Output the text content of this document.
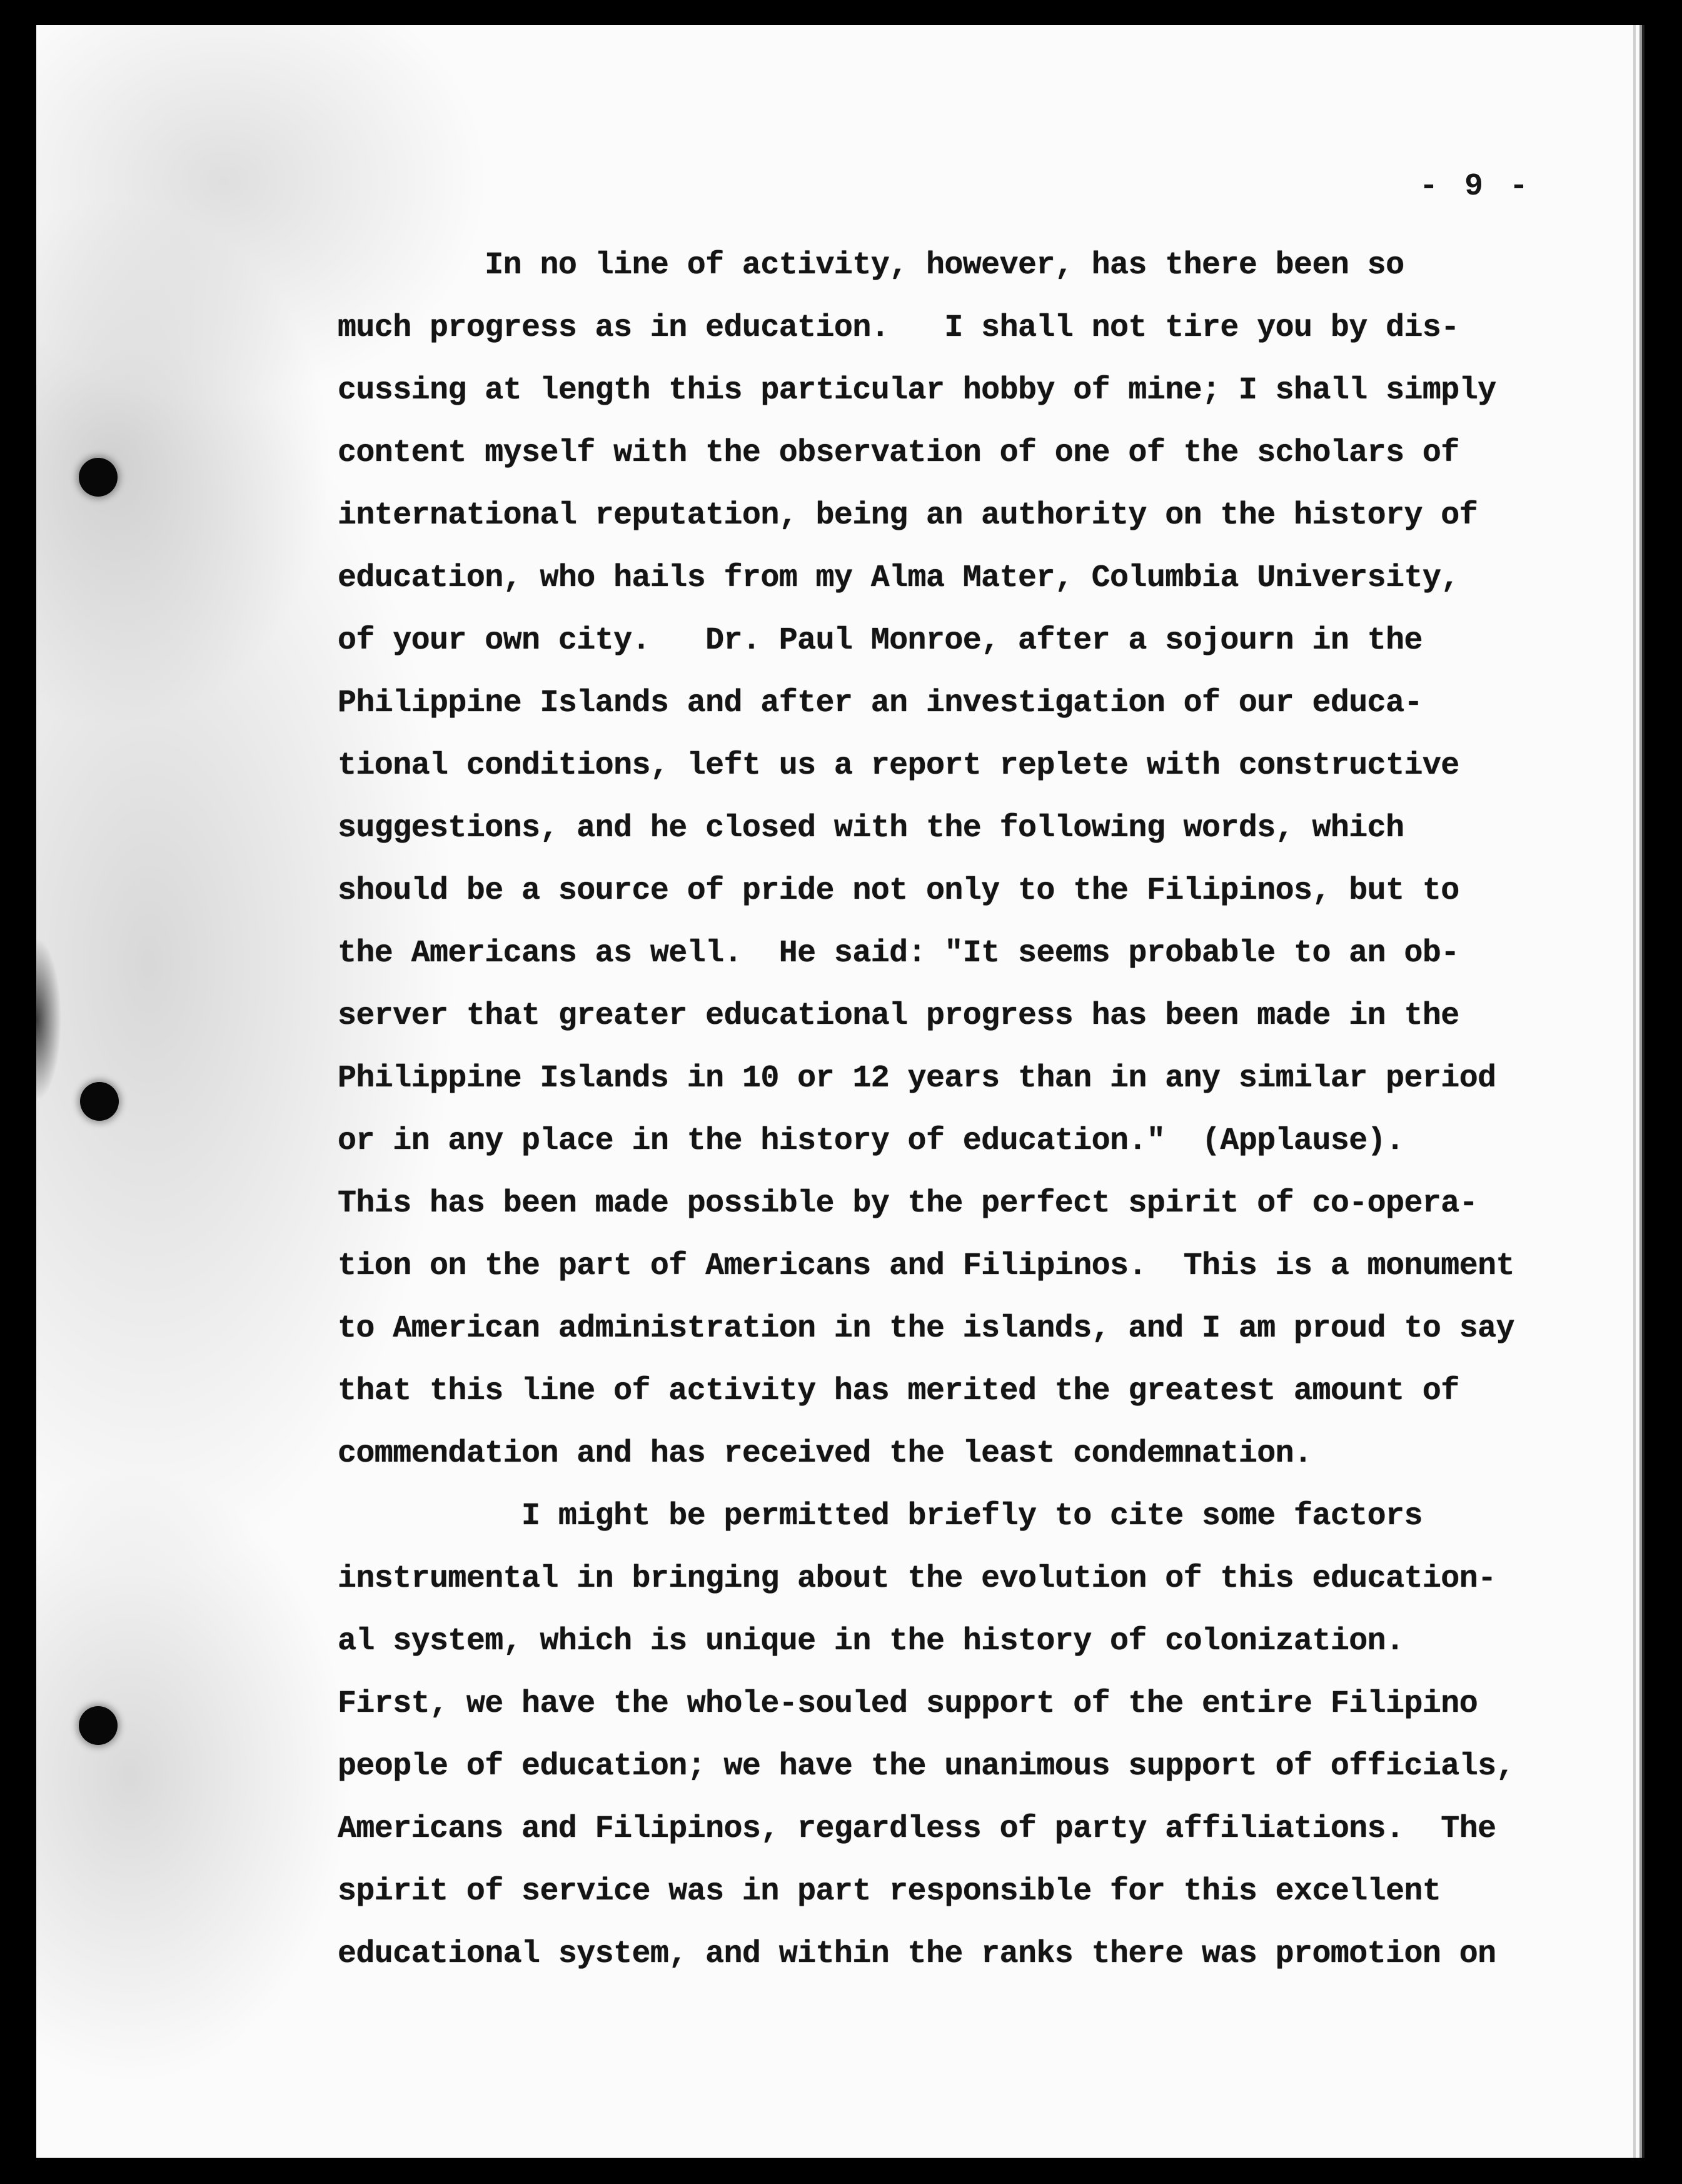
- 9 -
In no line of activity, however, has there been so
much progress as in education.   I shall not tire you by dis-
cussing at length this particular hobby of mine; I shall simply
content myself with the observation of one of the scholars of
international reputation, being an authority on the history of
education, who hails from my Alma Mater, Columbia University,
of your own city.   Dr. Paul Monroe, after a sojourn in the
Philippine Islands and after an investigation of our educa-
tional conditions, left us a report replete with constructive
suggestions, and he closed with the following words, which
should be a source of pride not only to the Filipinos, but to
the Americans as well.  He said: "It seems probable to an ob-
server that greater educational progress has been made in the
Philippine Islands in 10 or 12 years than in any similar period
or in any place in the history of education."  (Applause).
This has been made possible by the perfect spirit of co-opera-
tion on the part of Americans and Filipinos.  This is a monument
to American administration in the islands, and I am proud to say
that this line of activity has merited the greatest amount of
commendation and has received the least condemnation.
I might be permitted briefly to cite some factors
instrumental in bringing about the evolution of this education-
al system, which is unique in the history of colonization.
First, we have the whole-souled support of the entire Filipino
people of education; we have the unanimous support of officials,
Americans and Filipinos, regardless of party affiliations.  The
spirit of service was in part responsible for this excellent
educational system, and within the ranks there was promotion on
